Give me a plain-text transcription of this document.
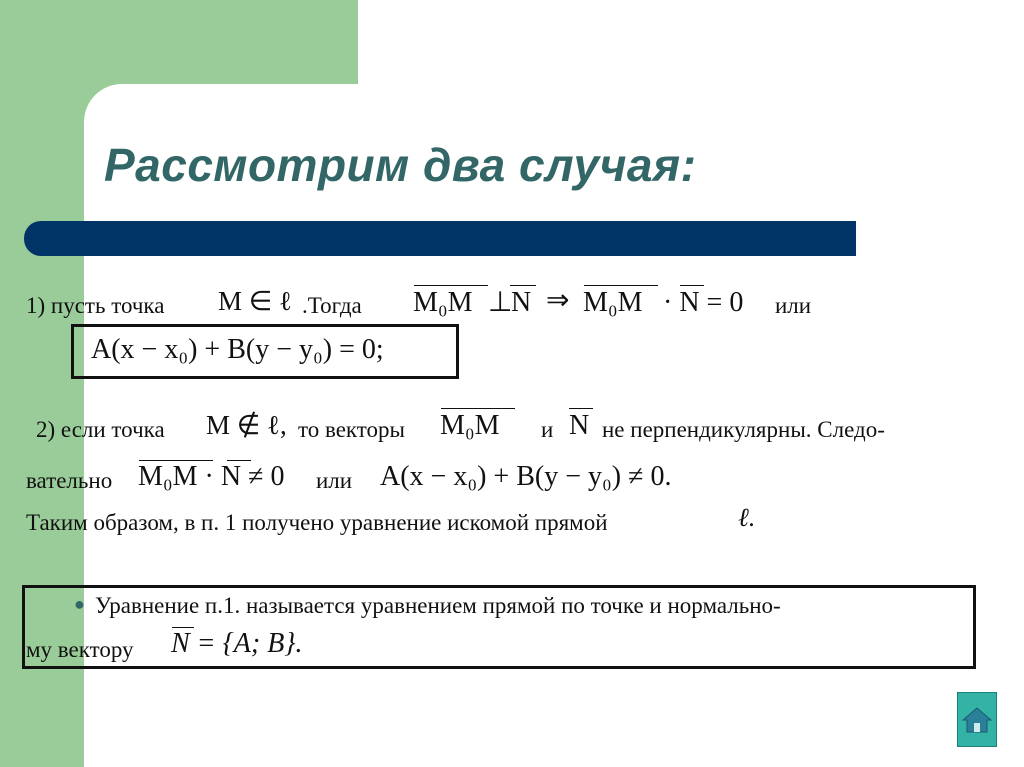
Рассмотрим два случая:
1) пусть точка M ∈ ℓ .Тогда M₀M ⊥
N ⇒ M₀M · N = 0 или
A(x − x₀) + B(y − y₀) = 0;
2) если точка M ∉ ℓ, то векторы M₀M и N не перпендикулярны. Следо-
вательно M₀M · N ≠ 0 или A(x − x₀) + B(y − y₀) ≠ 0.
Таким образом, в п. 1 получено уравнение искомой прямой	ℓ.
● Уравнение п.1. называется уравнением прямой по точке и нормально-
му вектору N = {A; B}.
